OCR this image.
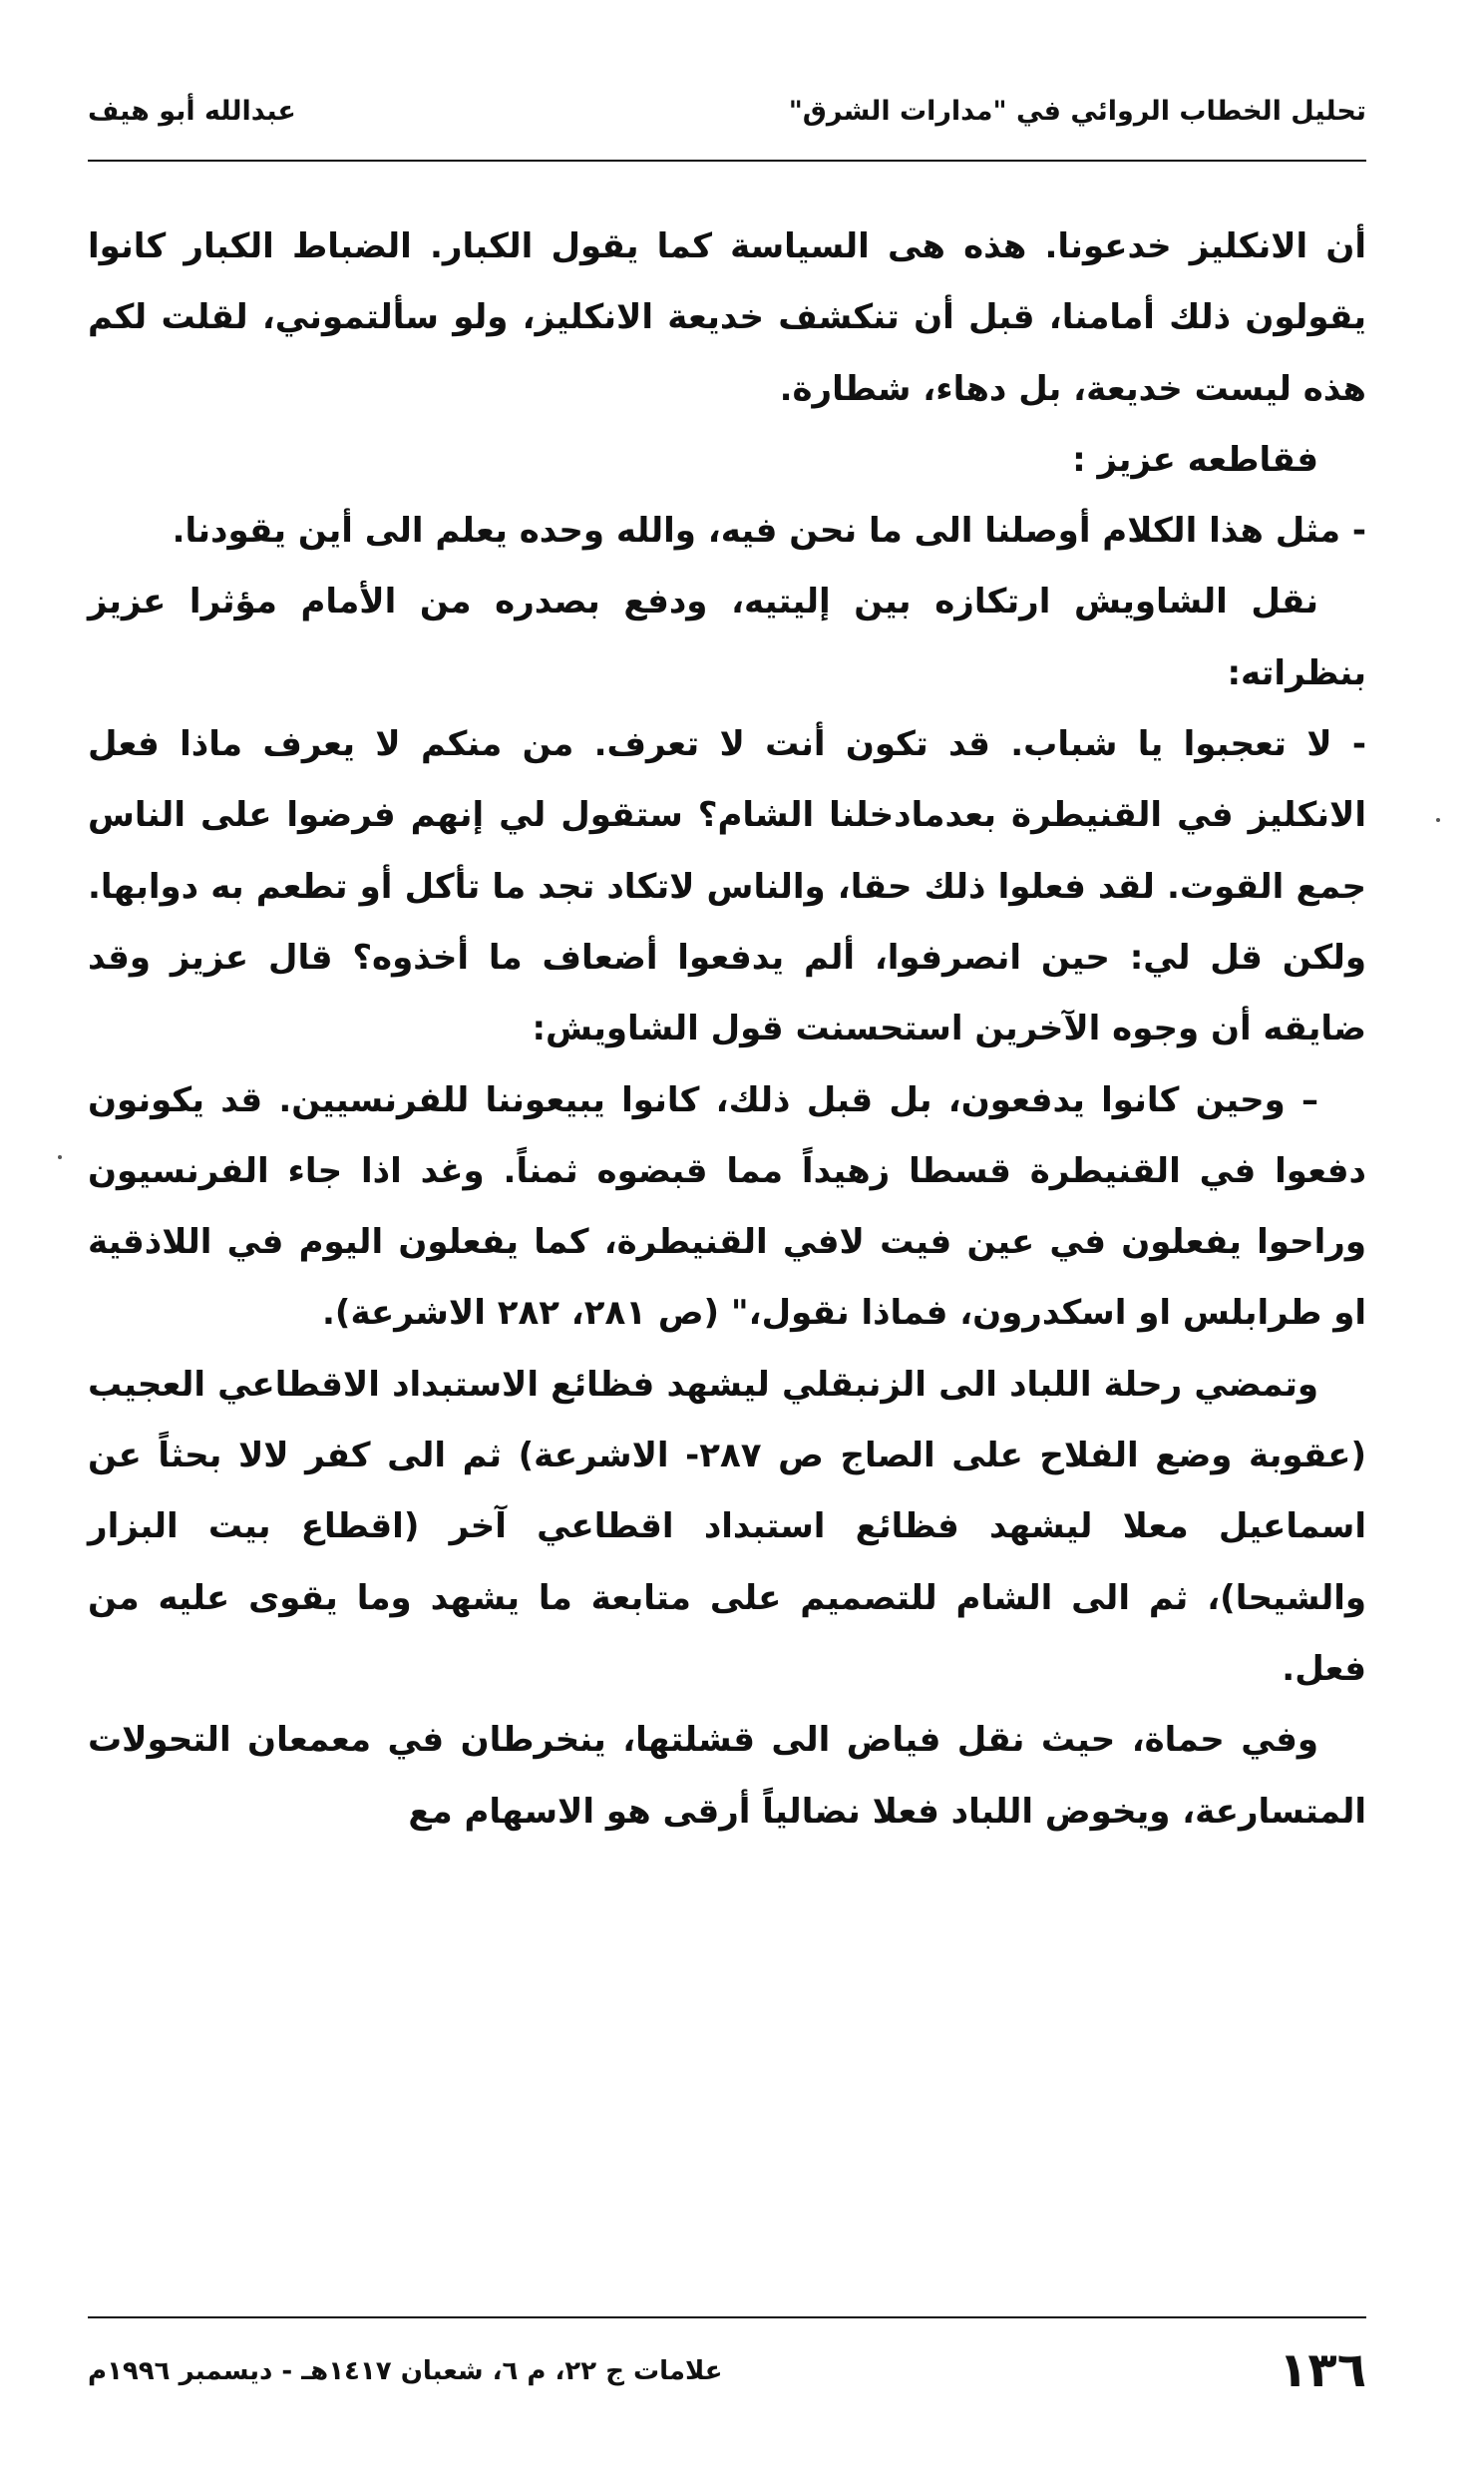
تحليل الخطاب الروائي في "مدارات الشرق"
عبدالله أبو هيف

أن الانكليز خدعونا. هذه هى السياسة كما يقول الكبار. الضباط الكبار كانوا يقولون ذلك أمامنا، قبل أن تنكشف خديعة الانكليز، ولو سألتموني، لقلت لكم هذه ليست خديعة، بل دهاء، شطارة.

فقاطعه عزيز :

- مثل هذا الكلام أوصلنا الى ما نحن فيه، والله وحده يعلم الى أين يقودنا.

نقل الشاويش ارتكازه بين إليتيه، ودفع بصدره من الأمام مؤثرا عزيز بنظراته:

- لا تعجبوا يا شباب. قد تكون أنت لا تعرف. من منكم لا يعرف ماذا فعل الانكليز في القنيطرة بعدمادخلنا الشام؟ ستقول لي إنهم فرضوا على الناس جمع القوت. لقد فعلوا ذلك حقا، والناس لاتكاد تجد ما تأكل أو تطعم به دوابها. ولكن قل لي: حين انصرفوا، ألم يدفعوا أضعاف ما أخذوه؟ قال عزيز وقد ضايقه أن وجوه الآخرين استحسنت قول الشاويش:

– وحين كانوا يدفعون، بل قبل ذلك، كانوا يبيعوننا للفرنسيين. قد يكونون دفعوا في القنيطرة قسطا زهيداً مما قبضوه ثمناً. وغد اذا جاء الفرنسيون وراحوا يفعلون في عين فيت لافي القنيطرة، كما يفعلون اليوم في اللاذقية او طرابلس او اسكدرون، فماذا نقول،" (ص ٢٨١، ٢٨٢ الاشرعة).

وتمضي رحلة اللباد الى الزنبقلي ليشهد فظائع الاستبداد الاقطاعي العجيب (عقوبة وضع الفلاح على الصاج ص ٢٨٧- الاشرعة) ثم الى كفر لالا بحثاً عن اسماعيل معلا ليشهد فظائع استبداد اقطاعي آخر (اقطاع بيت البزار والشيحا)، ثم الى الشام للتصميم على متابعة ما يشهد وما يقوى عليه من فعل.

وفي حماة، حيث نقل فياض الى قشلتها، ينخرطان في معمعان التحولات المتسارعة، ويخوض اللباد فعلا نضالياً أرقى هو الاسهام مع

١٣٦
علامات ج ٢٢، م ٦، شعبان ١٤١٧هـ - ديسمبر ١٩٩٦م
